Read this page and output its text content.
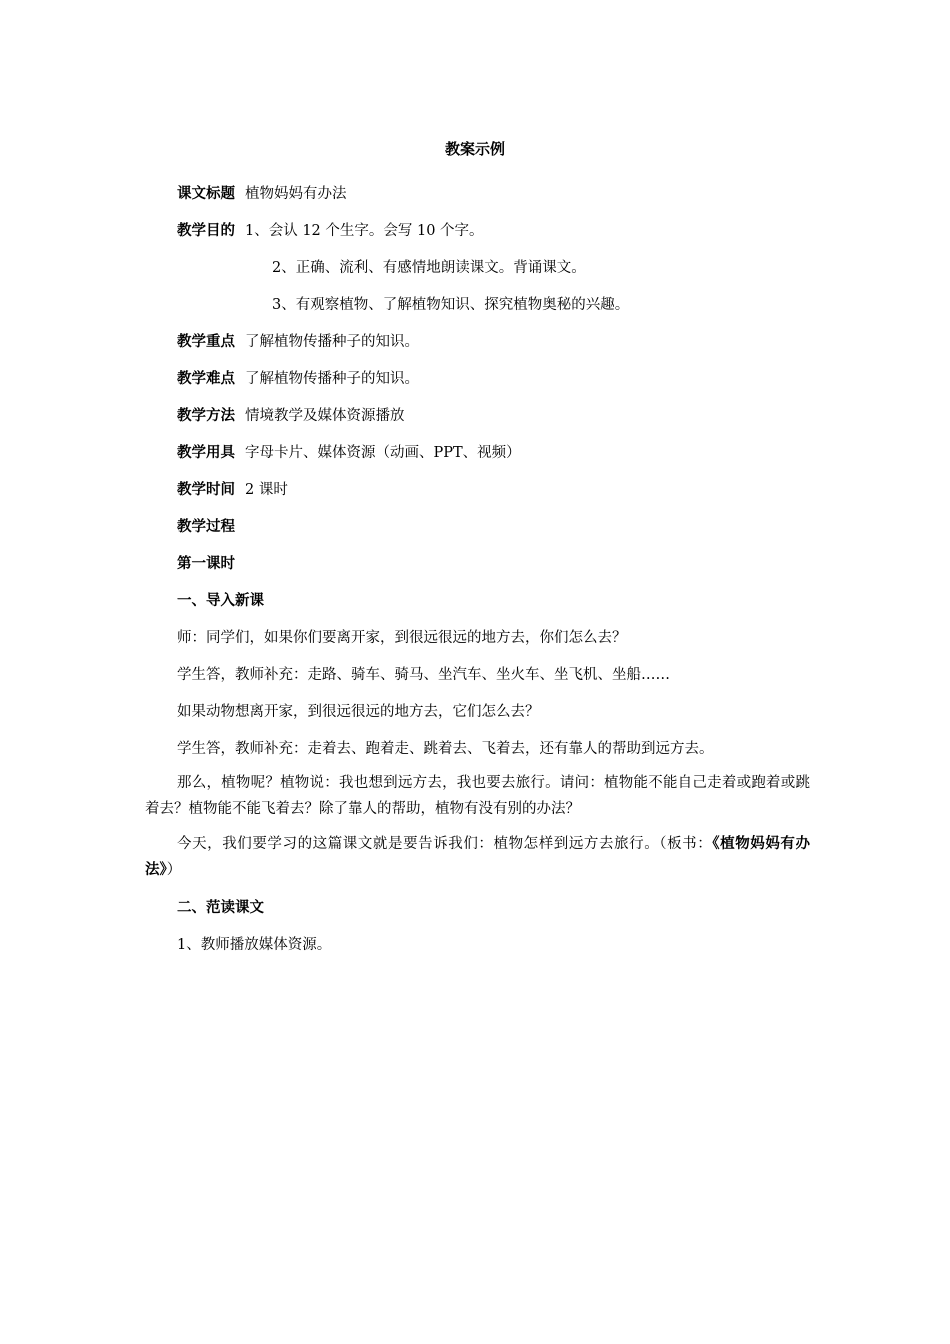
教案示例
课文标题 植物妈妈有办法
教学目的 1、会认 12 个生字。会写 10 个字。
2、正确、流利、有感情地朗读课文。背诵课文。
3、有观察植物、了解植物知识、探究植物奥秘的兴趣。
教学重点 了解植物传播种子的知识。
教学难点 了解植物传播种子的知识。
教学方法 情境教学及媒体资源播放
教学用具 字母卡片、媒体资源（动画、PPT、视频）
教学时间 2 课时
教学过程
第一课时
一、导入新课
师：同学们，如果你们要离开家，到很远很远的地方去，你们怎么去？
学生答，教师补充：走路、骑车、骑马、坐汽车、坐火车、坐飞机、坐船……
如果动物想离开家，到很远很远的地方去，它们怎么去？
学生答，教师补充：走着去、跑着走、跳着去、飞着去，还有靠人的帮助到远方去。
那么，植物呢？植物说：我也想到远方去，我也要去旅行。请问：植物能不能自己走着或跑着或跳着去？植物能不能飞着去？除了靠人的帮助，植物有没有别的办法？
今天，我们要学习的这篇课文就是要告诉我们：植物怎样到远方去旅行。（板书：《植物妈妈有办法》）
二、范读课文
1、教师播放媒体资源。
